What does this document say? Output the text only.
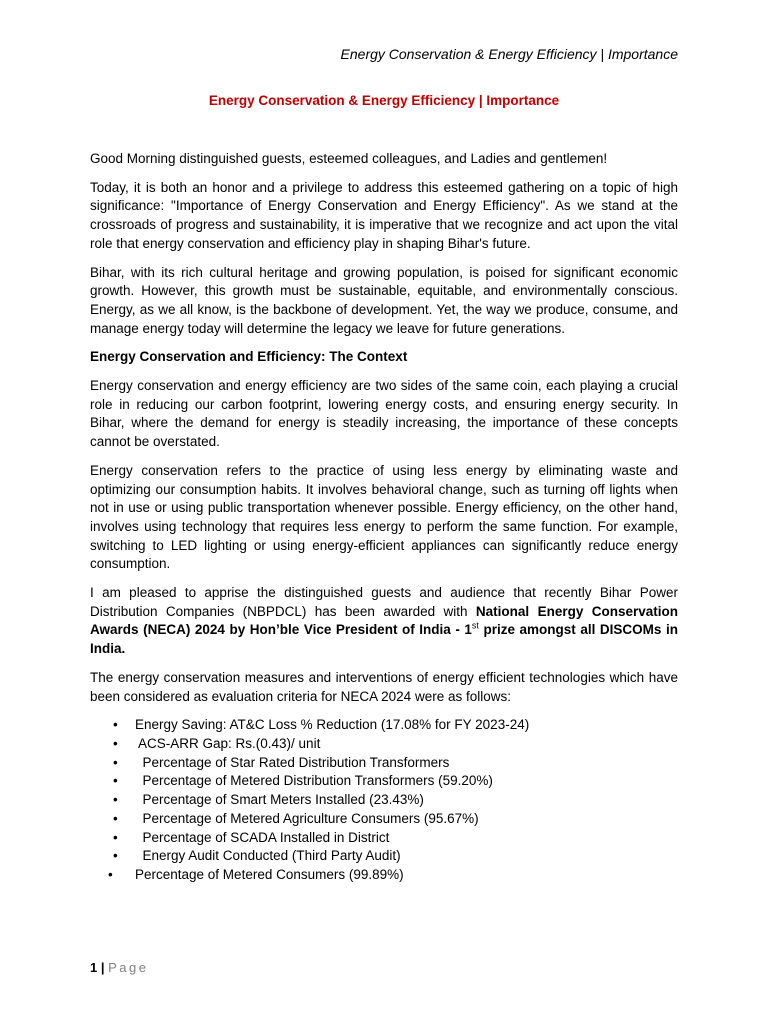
Energy Conservation & Energy Efficiency | Importance
Energy Conservation & Energy Efficiency | Importance

Good Morning distinguished guests, esteemed colleagues, and Ladies and gentlemen!

Today, it is both an honor and a privilege to address this esteemed gathering on a topic of high significance: "Importance of Energy Conservation and Energy Efficiency". As we stand at the crossroads of progress and sustainability, it is imperative that we recognize and act upon the vital role that energy conservation and efficiency play in shaping Bihar's future.

Bihar, with its rich cultural heritage and growing population, is poised for significant economic growth. However, this growth must be sustainable, equitable, and environmentally conscious. Energy, as we all know, is the backbone of development. Yet, the way we produce, consume, and manage energy today will determine the legacy we leave for future generations.

Energy Conservation and Efficiency: The Context

Energy conservation and energy efficiency are two sides of the same coin, each playing a crucial role in reducing our carbon footprint, lowering energy costs, and ensuring energy security. In Bihar, where the demand for energy is steadily increasing, the importance of these concepts cannot be overstated.

Energy conservation refers to the practice of using less energy by eliminating waste and optimizing our consumption habits. It involves behavioral change, such as turning off lights when not in use or using public transportation whenever possible. Energy efficiency, on the other hand, involves using technology that requires less energy to perform the same function. For example, switching to LED lighting or using energy-efficient appliances can significantly reduce energy consumption.

I am pleased to apprise the distinguished guests and audience that recently Bihar Power Distribution Companies (NBPDCL) has been awarded with National Energy Conservation Awards (NECA) 2024 by Hon’ble Vice President of India - 1st prize amongst all DISCOMs in India.

The energy conservation measures and interventions of energy efficient technologies which have been considered as evaluation criteria for NECA 2024 were as follows:

• Energy Saving: AT&C Loss % Reduction (17.08% for FY 2023-24)
• ACS-ARR Gap: Rs.(0.43)/ unit
• Percentage of Star Rated Distribution Transformers
• Percentage of Metered Distribution Transformers (59.20%)
• Percentage of Smart Meters Installed (23.43%)
• Percentage of Metered Agriculture Consumers (95.67%)
• Percentage of SCADA Installed in District
• Energy Audit Conducted (Third Party Audit)
• Percentage of Metered Consumers (99.89%)
1 | Page
